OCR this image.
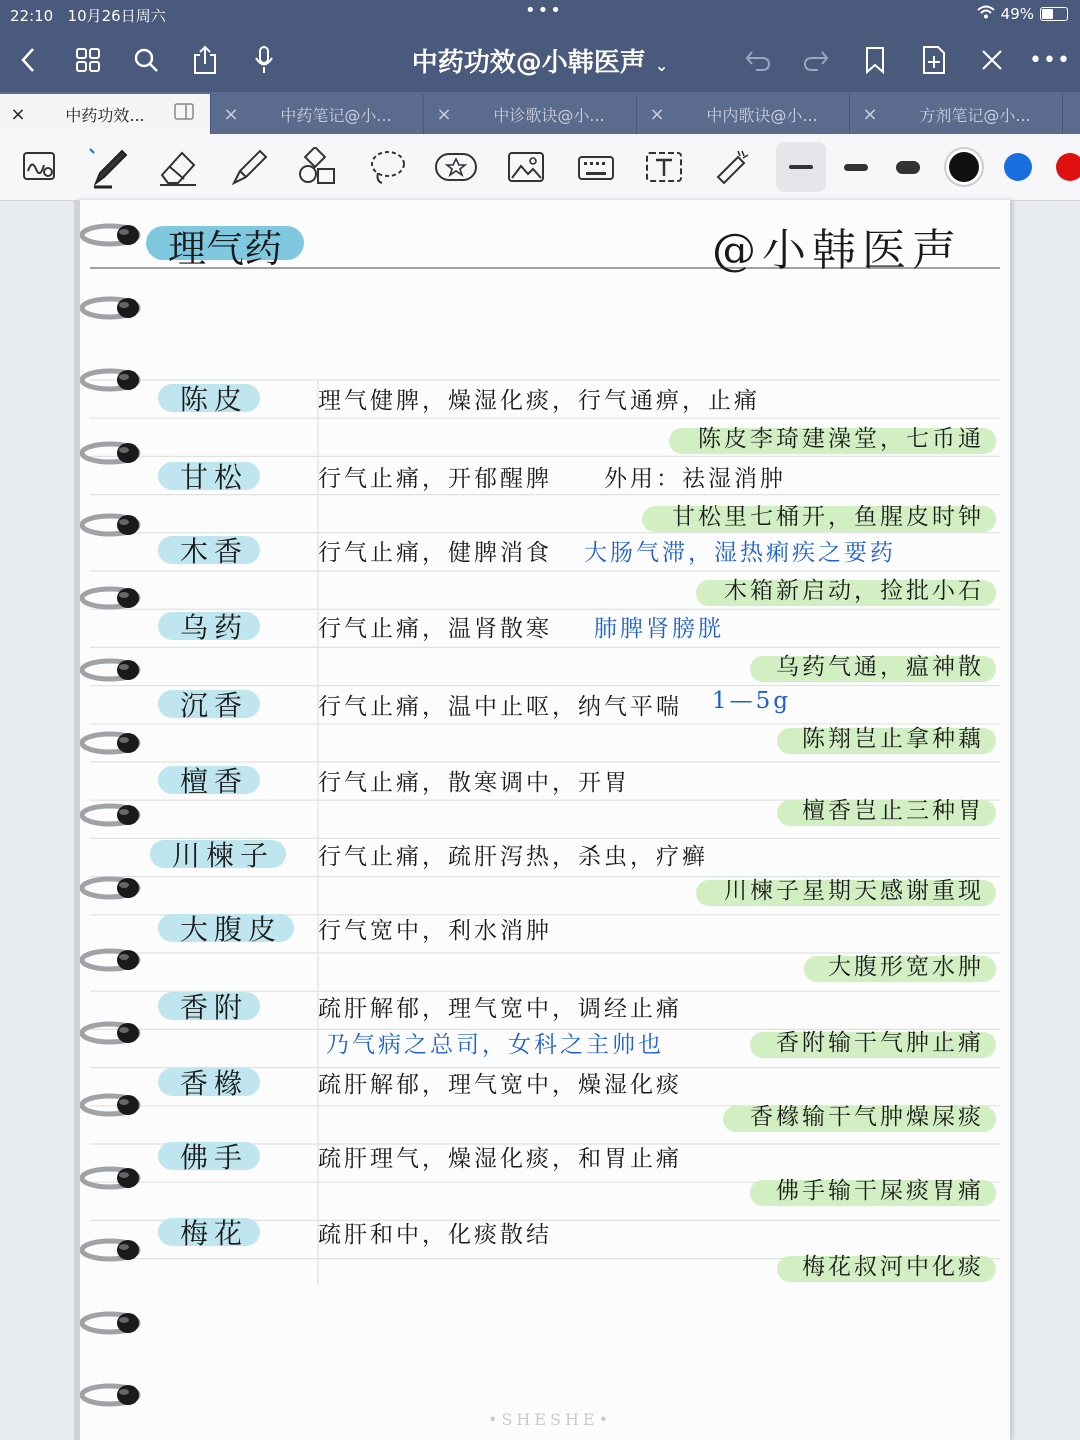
22:10 10月26日周六	•••	49%
中药功效@小韩医声 ⌄	•••
×	中药功效...	×	中药笔记@小...	×	中诊歌诀@小...	×	中内歌诀@小...	×	方剂笔记@小...
理气药	@小韩医声
陈皮	理气健脾，燥湿化痰，行气通痹，止痛
陈皮李琦建澡堂，七币通
甘松	行气止痛，开郁醒脾　　外用：祛湿消肿
甘松里七桶开，鱼腥皮时钟
木香	行气止痛，健脾消食 大肠气滞，湿热痢疾之要药
木箱新启动，捡批小石
乌药	行气止痛，温肾散寒 肺脾肾膀胱
乌药气通，瘟神散
沉香	行气止痛，温中止呕，纳气平喘 1—5g
陈翔岂止拿种藕
檀香	行气止痛，散寒调中，开胃
檀香岂止三种胃
川楝子 行气止痛，疏肝泻热，杀虫，疗癣
川楝子星期天感谢重现
大腹皮 行气宽中，利水消肿
大腹形宽水肿
香附	疏肝解郁，理气宽中，调经止痛
乃气病之总司，女科之主帅也	香附输干气肿止痛
香橼	疏肝解郁，理气宽中，燥湿化痰
香橼输干气肿燥屎痰
佛手	疏肝理气，燥湿化痰，和胃止痛
佛手输干屎痰胃痛
梅花	疏肝和中，化痰散结
梅花叔河中化痰
•SHESHE•
